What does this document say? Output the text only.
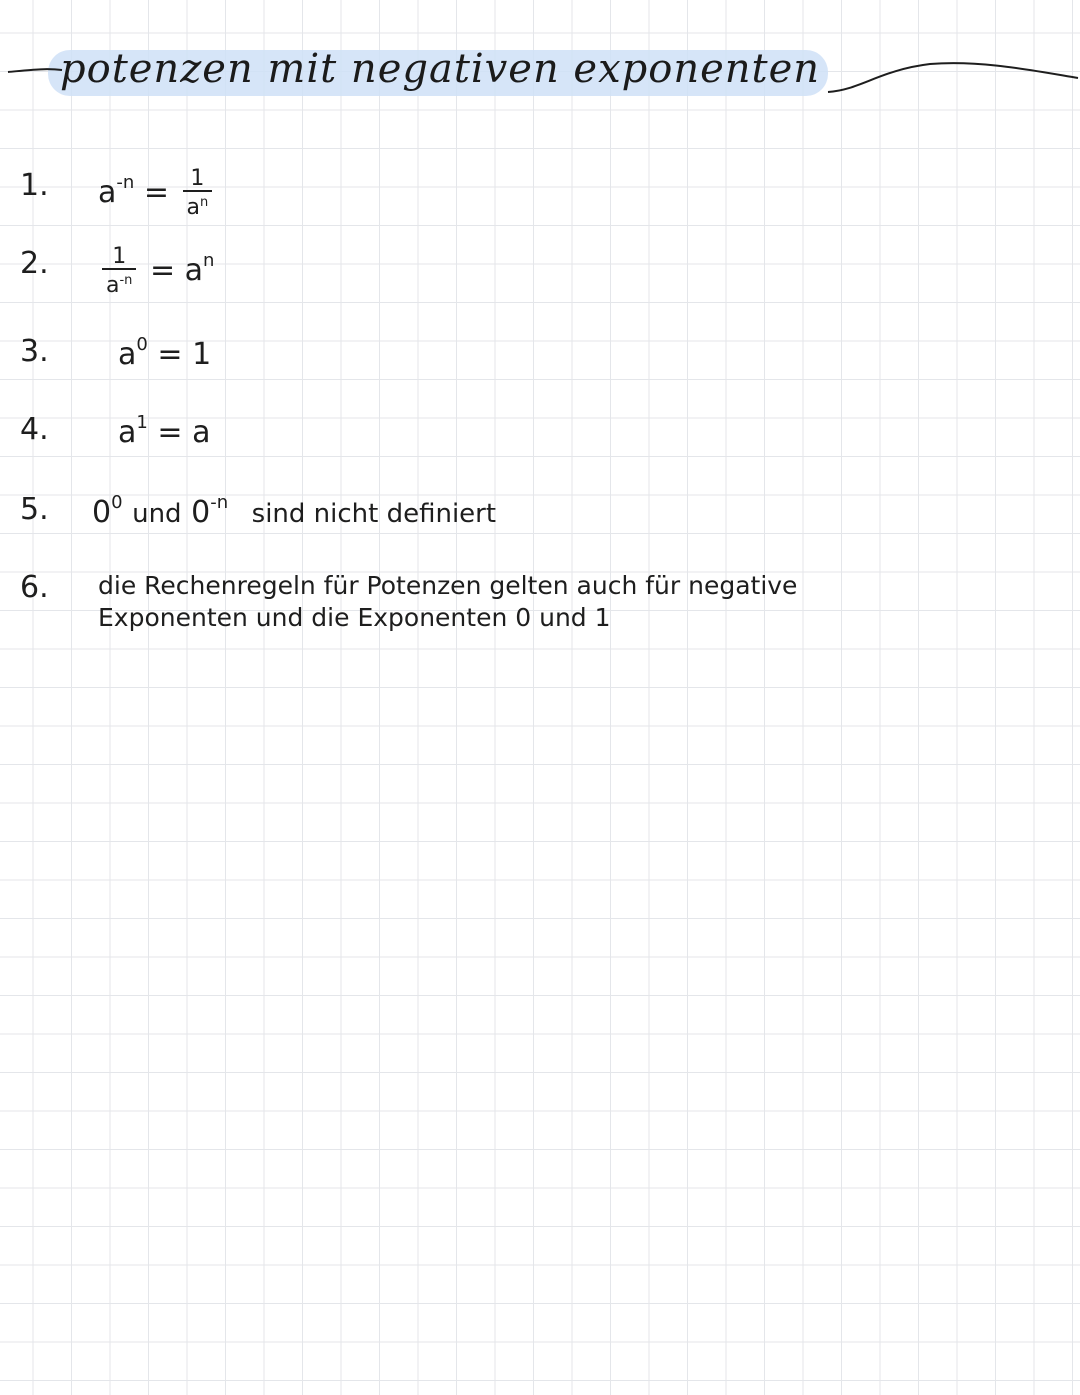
potenzen mit negativen exponenten
1. $a^{-n} = \frac{1}{a^n}$
2. $\frac{1}{a^{-n}} = a^n$
3. $a^0 = 1$
4. $a^1 = a$
5. $0^0$ und $0^{-n}$ sind nicht definiert
6. die Rechenregeln für Potenzen gelten auch für negative
Exponenten und die Exponenten 0 und 1
